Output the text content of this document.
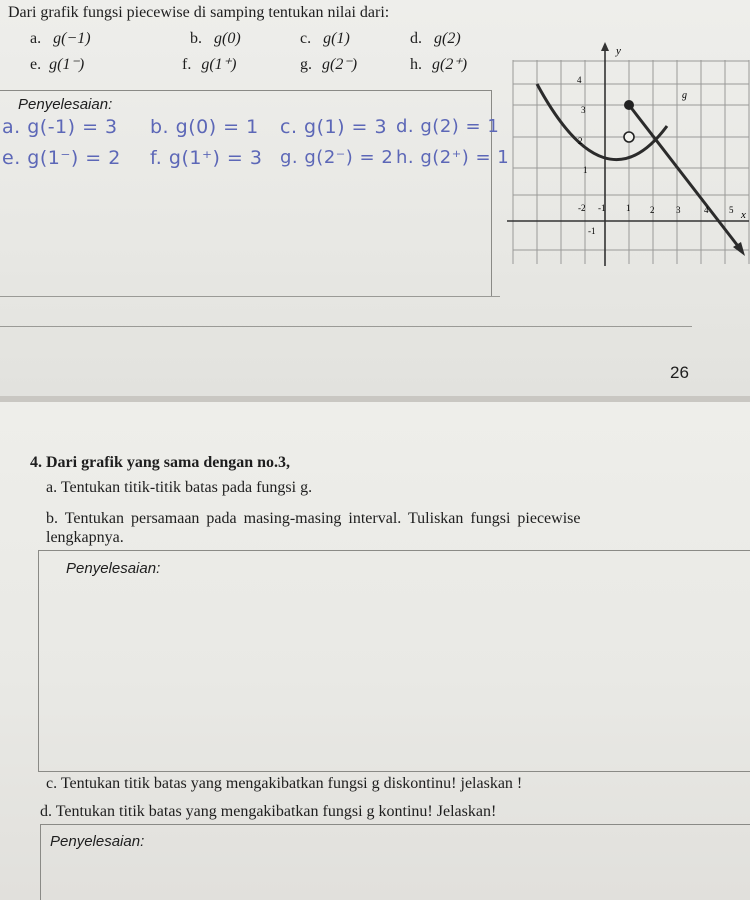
Dari grafik fungsi piecewise di samping tentukan nilai dari:
a. g(−1)	b. g(0)	c. g(1)	d. g(2)
e. g(1⁻)	f. g(1⁺)	g. g(2⁻)	h. g(2⁺)
Penyelesaian:
a. g(-1) = 3 b. g(0) = 1 c. g(1) = 3 d. g(2) = 1
e. g(1⁻) = 2 f. g(1⁺) = 3 g. g(2⁻) = 2 h. g(2⁺) = 1
y
x
g
-2 -1 1 2 3	4 5
4
3
2
1
-1
26
4. Dari grafik yang sama dengan no.3,
a. Tentukan titik-titik batas pada fungsi g.
b. Tentukan persamaan pada masing-masing interval. Tuliskan fungsi piecewise
lengkapnya.
Penyelesaian:
c. Tentukan titik batas yang mengakibatkan fungsi g diskontinu! jelaskan !
d. Tentukan titik batas yang mengakibatkan fungsi g kontinu! Jelaskan!
Penyelesaian:
